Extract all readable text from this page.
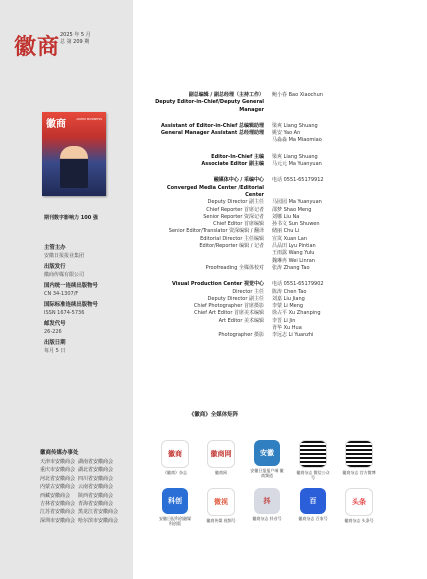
徽商 2025 年 5 月
总 第 209 期
徽商	ANHUI BUSINESS
期刊数字影响力 100 强
主管主办
安徽日报报业集团
出版发行
徽商传媒有限公司
国内统一连续出版物号
CN 34-1307/F
国际标准连续出版物号
ISSN 1674-5736
邮发代号
26-226
出版日期
每月 5 日
副总编辑 / 副总经理（主持工作）	鲍小春 Bao Xiaochun
Deputy Editor-in-Chief/Deputy General Manager
Assistant of Editor-in-Chief 总编辑助理	梁爽 Liang Shuang
General Manager Assistant 总经理助理	姚安 Yao An
马淼淼 Ma Miaomiao
Editor-In-Chief 主编	梁爽 Liang Shuang
Associate Editor 副主编	马元元 Ma Yuanyuan
融媒体中心 / 采编中心	电话 0551-65179912
Converged Media Center /Editorial Center
Deputy Director 副主任	马园园 Ma Yuanyuan
Chief Reporter 首席记者	邵梦 Shao Meng
Senior Reporter 资深记者	刘娜 Liu Na
Chief Editor 首席编辑	孙书文 Sun Shuwen
Senior Editor/Translator 资深编辑 / 翻译	储丽 Chu Li
Editorial Director 主任编辑	宣岚 Xuan Lan
Editor/Reporter 编辑 / 记者	吕品田 Lyu Pintian
王雨露 Wang Yulu
魏琳冉 Wei Linran
Proofreading 全媒体校对	张涛 Zhang Tao
Visual Production Center 视觉中心	电话 0551-65179902
Director 主任	陈涛 Chen Tao
Deputy Director 副主任	刘嘉 Liu Jiang
Chief Photographer 首席摄影	李蒙 Li Meng
Chief Art Editor 首席美术编辑	徐占平 Xu Zhanping
Art Editor 美术编辑	李晋 Li Jin
胥华 Xu Hua
Photographer 摄影	李远志 Li Yuanzhi
《徽商》全媒体矩阵
徽商传媒办事处
天津市安徽商会 湖南省安徽商会
重庆市安徽商会 湖北省安徽商会
河北省安徽商会 四川省安徽商会
内蒙古安徽商会 云南省安徽商会
西藏安徽商会	陕西省安徽商会
吉林省安徽商会 青海省安徽商会
江苏省安徽商会 黑龙江省安徽商会
深圳市安徽商会 哈尔滨市安徽商会
徽商
《徽商》杂志
徽商网
徽商网
安徽
安徽日报报户端 徽商频道
徽商杂志 微信公众号
徽商杂志 官方微博
科创
安徽日报科创融媒 科创版
微视
徽商传媒 视频号
抖
徽商杂志 抖音号
百
徽商杂志 百家号
头条
徽商杂志 头条号
